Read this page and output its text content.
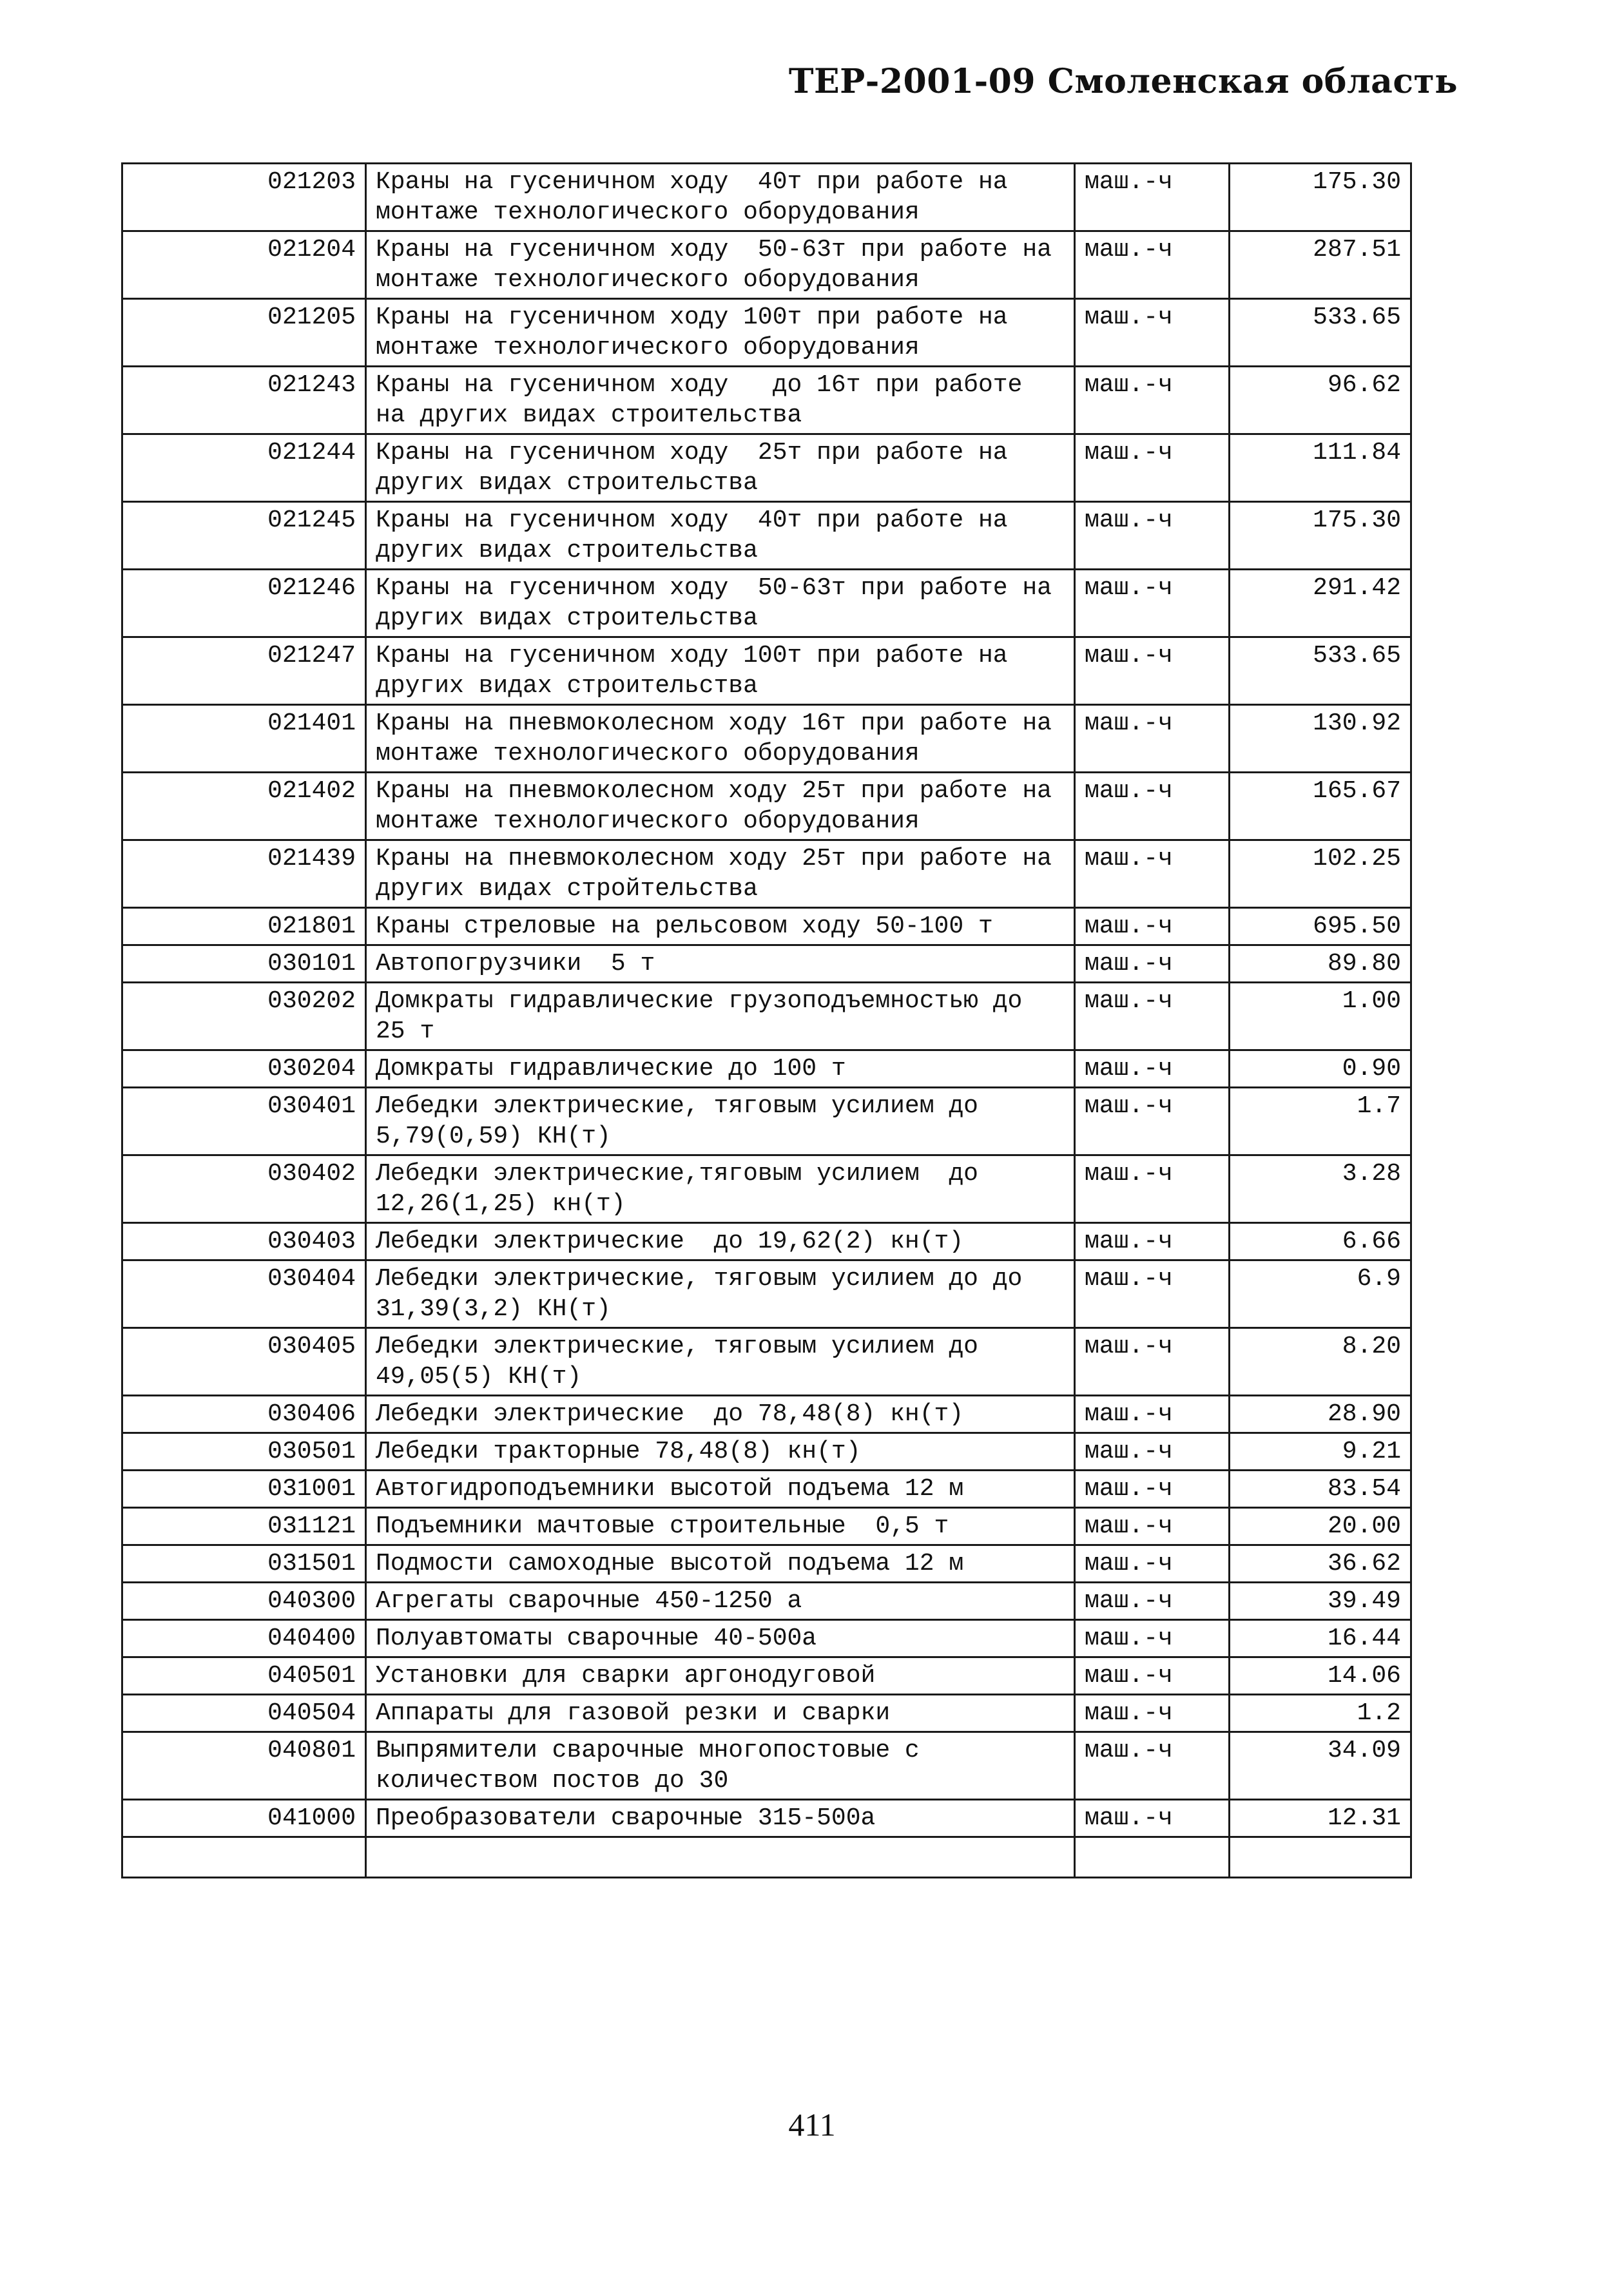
ТЕР-2001-09 Смоленская область
021203	Краны на гусеничном ходу  40т при работе на монтаже технологического оборудования	маш.-ч	175.30
021204	Краны на гусеничном ходу  50-63т при работе на монтаже технологического оборудования	маш.-ч	287.51
021205	Краны на гусеничном ходу 100т при работе на монтаже технологического оборудования	маш.-ч	533.65
021243	Краны на гусеничном ходу   до 16т при работе на других видах строительства	маш.-ч	96.62
021244	Краны на гусеничном ходу  25т при работе на других видах строительства	маш.-ч	111.84
021245	Краны на гусеничном ходу  40т при работе на других видах строительства	маш.-ч	175.30
021246	Краны на гусеничном ходу  50-63т при работе на других видах строительства	маш.-ч	291.42
021247	Краны на гусеничном ходу 100т при работе на других видах строительства	маш.-ч	533.65
021401	Краны на пневмоколесном ходу 16т при работе на монтаже технологического оборудования	маш.-ч	130.92
021402	Краны на пневмоколесном ходу 25т при работе на монтаже технологического оборудования	маш.-ч	165.67
021439	Краны на пневмоколесном ходу 25т при работе на других видах стройтельства	маш.-ч	102.25
021801	Краны стреловые на рельсовом ходу 50-100 т	маш.-ч	695.50
030101	Автопогрузчики  5 т	маш.-ч	89.80
030202	Домкраты гидравлические грузоподъемностью до  25 т	маш.-ч	1.00
030204	Домкраты гидравлические до 100 т	маш.-ч	0.90
030401	Лебедки электрические, тяговым усилием до  5,79(0,59) КН(т)	маш.-ч	1.7
030402	Лебедки электрические,тяговым усилием  до 12,26(1,25) кн(т)	маш.-ч	3.28
030403	Лебедки электрические  до 19,62(2) кн(т)	маш.-ч	6.66
030404	Лебедки электрические, тяговым усилием до до 31,39(3,2) КН(т)	маш.-ч	6.9
030405	Лебедки электрические, тяговым усилием до 49,05(5) КН(т)	маш.-ч	8.20
030406	Лебедки электрические  до 78,48(8) кн(т)	маш.-ч	28.90
030501	Лебедки тракторные 78,48(8) кн(т)	маш.-ч	9.21
031001	Автогидроподъемники высотой подъема 12 м	маш.-ч	83.54
031121	Подъемники мачтовые строительные  0,5 т	маш.-ч	20.00
031501	Подмости самоходные высотой подъема 12 м	маш.-ч	36.62
040300	Агрегаты сварочные 450-1250 а	маш.-ч	39.49
040400	Полуавтоматы сварочные 40-500а	маш.-ч	16.44
040501	Установки для сварки аргонодуговой	маш.-ч	14.06
040504	Аппараты для газовой резки и сварки	маш.-ч	1.2
040801	Выпрямители сварочные многопостовые с количеством постов до 30	маш.-ч	34.09
041000	Преобразователи сварочные 315-500а	маш.-ч	12.31

411
